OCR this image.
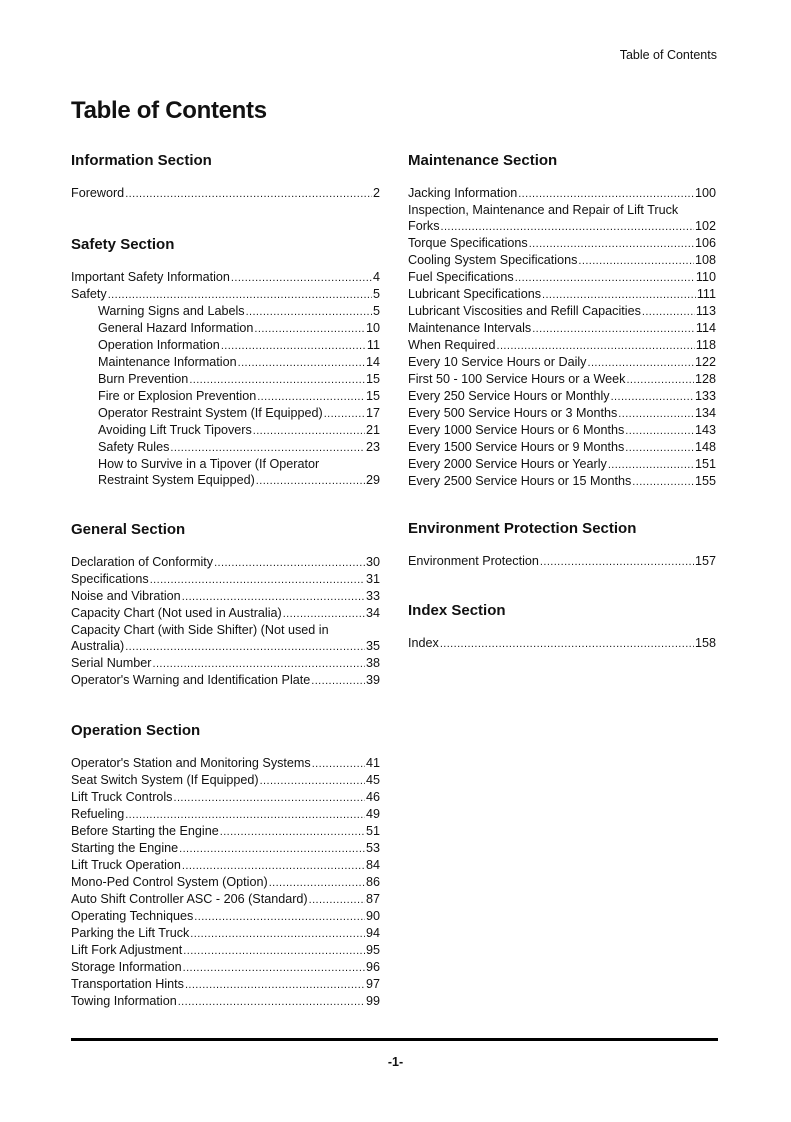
Table of Contents
Table of Contents
Information Section
Foreword .....	2
Safety Section
Important Safety Information .....	4
Safety .....	5
Warning Signs and Labels .....	5
General Hazard Information .....	10
Operation Information .....	11
Maintenance Information .....	14
Burn Prevention .....	15
Fire or Explosion Prevention .....	15
Operator Restraint System (If Equipped) .....	17
Avoiding Lift Truck Tipovers .....	21
Safety Rules .....	23
How to Survive in a Tipover (If Operator
Restraint System Equipped) .....	29
General Section
Declaration of Conformity .....	30
Specifications .....	31
Noise and Vibration .....	33
Capacity Chart (Not used in Australia) .....	34
Capacity Chart (with Side Shifter) (Not used in
Australia) .....	35
Serial Number .....	38
Operator's Warning and Identification Plate .....	39
Operation Section
Operator's Station and Monitoring Systems .....	41
Seat Switch System (If Equipped) .....	45
Lift Truck Controls .....	46
Refueling .....	49
Before Starting the Engine .....	51
Starting the Engine .....	53
Lift Truck Operation .....	84
Mono-Ped Control System (Option) .....	86
Auto Shift Controller ASC - 206 (Standard) .....	87
Operating Techniques .....	90
Parking the Lift Truck .....	94
Lift Fork Adjustment .....	95
Storage Information .....	96
Transportation Hints .....	97
Towing Information .....	99
Maintenance Section
Jacking Information .....	100
Inspection, Maintenance and Repair of Lift Truck
Forks .....	102
Torque Specifications .....	106
Cooling System Specifications .....	108
Fuel Specifications .....	110
Lubricant Specifications .....	111
Lubricant Viscosities and Refill Capacities .....	113
Maintenance Intervals .....	114
When Required .....	118
Every 10 Service Hours or Daily .....	122
First 50 - 100 Service Hours or a Week .....	128
Every 250 Service Hours or Monthly .....	133
Every 500 Service Hours or 3 Months .....	134
Every 1000 Service Hours or 6 Months .....	143
Every 1500 Service Hours or 9 Months .....	148
Every 2000 Service Hours or Yearly .....	151
Every 2500 Service Hours or 15 Months .....	155
Environment Protection Section
Environment Protection .....	157
Index Section
Index .....	158
-1-
